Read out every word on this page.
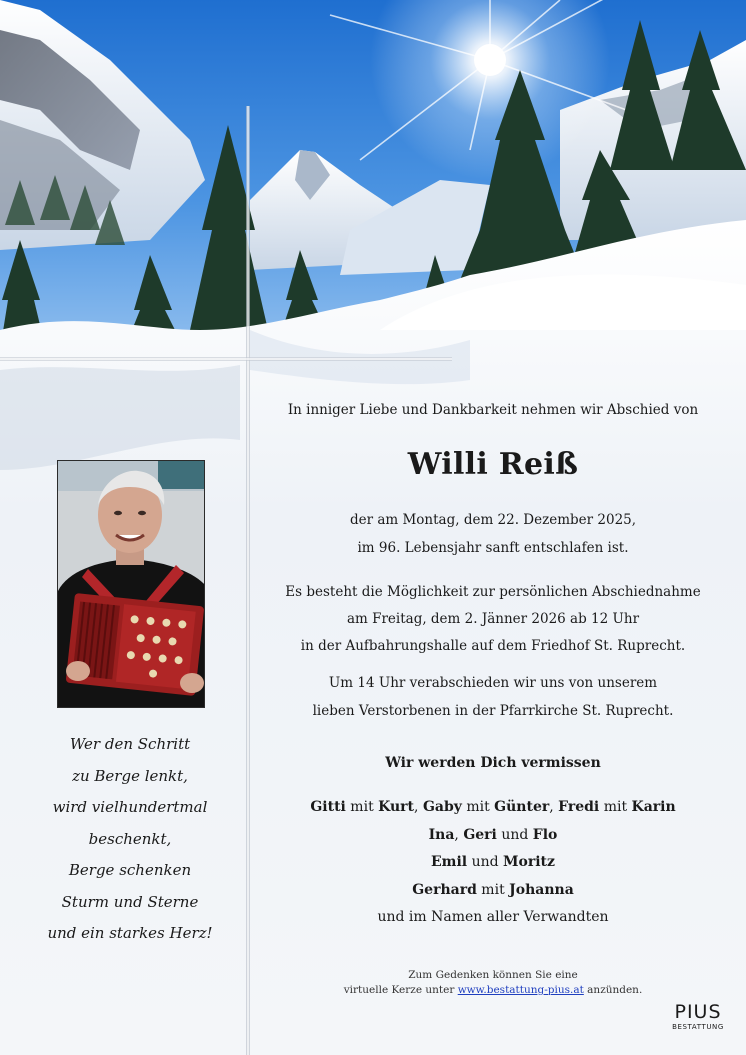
Wer den Schritt
zu Berge lenkt,
wird vielhundertmal
beschenkt,
Berge schenken
Sturm und Sterne
und ein starkes Herz!
In inniger Liebe und Dankbarkeit nehmen wir Abschied von
Willi Reiß
der am Montag, dem 22. Dezember 2025,
im 96. Lebensjahr sanft entschlafen ist.
Es besteht die Möglichkeit zur persönlichen Abschiednahme
am Freitag, dem 2. Jänner 2026 ab 12 Uhr
in der Aufbahrungshalle auf dem Friedhof St. Ruprecht.
Um 14 Uhr verabschieden wir uns von unserem
lieben Verstorbenen in der Pfarrkirche St. Ruprecht.
Wir werden Dich vermissen
Gitti mit Kurt, Gaby mit Günter, Fredi mit Karin
Ina, Geri und Flo
Emil und Moritz
Gerhard mit Johanna
und im Namen aller Verwandten
Zum Gedenken können Sie eine
virtuelle Kerze unter www.bestattung-pius.at anzünden.
PIUS
BESTATTUNG
